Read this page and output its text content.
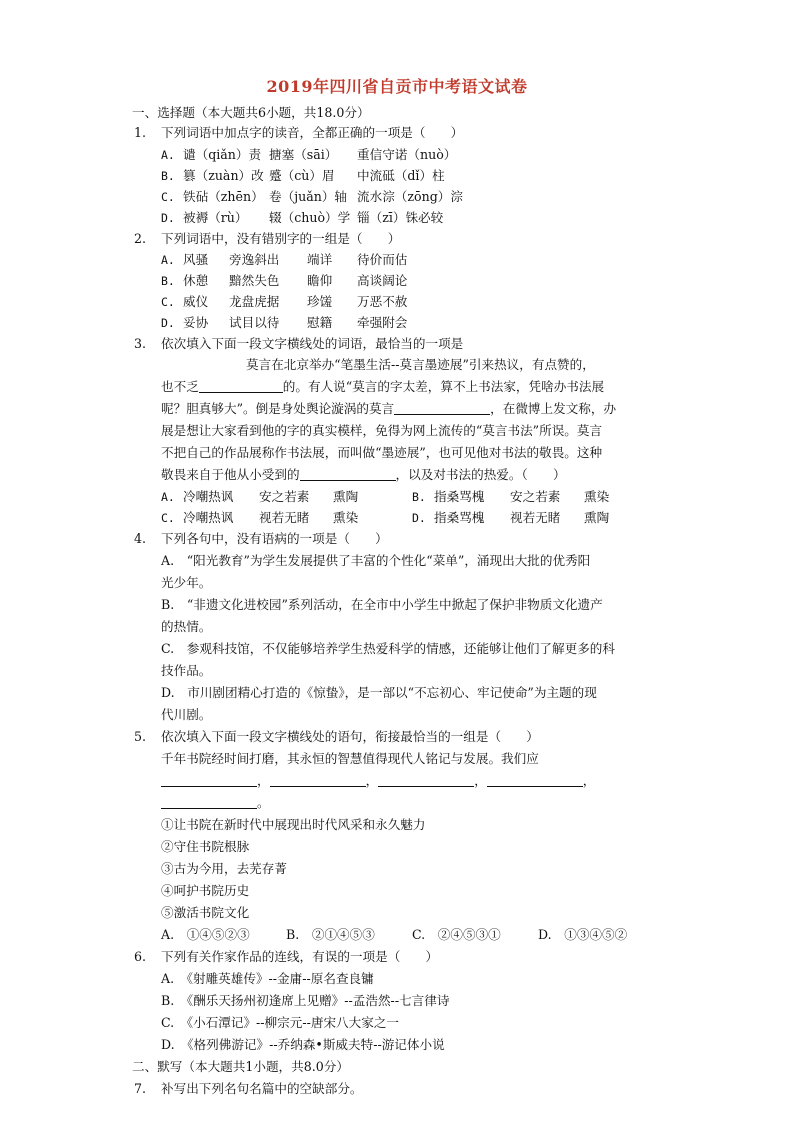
2019年四川省自贡市中考语文试卷
一、选择题（本大题共6小题，共18.0分）
1. 下列词语中加点字的读音，全都正确的一项是（　　）
A. 谴（qiǎn）责 搪塞（sāi） 重信守诺（nuò）
B. 篡（zuàn）改 蹙（cù）眉 中流砥（dǐ）柱
C. 铁砧（zhēn） 卷（juǎn）轴 流水淙（zōng）淙
D. 被褥（rù） 辍（chuò）学 锱（zī）铢必较
2. 下列词语中，没有错别字的一组是（　　）
A. 风骚 旁逸斜出 端详 待价而估
B. 休憩 黯然失色 瞻仰 高谈阔论
C. 威仪 龙盘虎据 珍馐 万恶不赦
D. 妥协 试目以待 慰籍 牵强附会
3. 依次填入下面一段文字横线处的词语，最恰当的一项是
莫言在北京举办“笔墨生活--莫言墨迹展”引来热议，有点赞的，
也不乏	的。有人说“莫言的字太差，算不上书法家，凭啥办书法展
呢？胆真够大”。倒是身处舆论漩涡的莫言	，在微博上发文称，办
展是想让大家看到他的字的真实模样，免得为网上流传的“莫言书法”所误。莫言
不把自己的作品展称作书法展，而叫做“墨迹展”，也可见他对书法的敬畏。这种
敬畏来自于他从小受到的	，以及对书法的热爱。（　　）
A. 冷嘲热讽 安之若素 熏陶	B. 指桑骂槐 安之若素 熏染
C. 冷嘲热讽 视若无睹 熏染	D. 指桑骂槐 视若无睹 熏陶
4. 下列各句中，没有语病的一项是（　　）
A.　“阳光教育”为学生发展提供了丰富的个性化“菜单”，涌现出大批的优秀阳
光少年。
B.　“非遗文化进校园”系列活动，在全市中小学生中掀起了保护非物质文化遗产
的热情。
C.　参观科技馆，不仅能够培养学生热爱科学的情感，还能够让他们了解更多的科
技作品。
D.　市川剧团精心打造的《惊蛰》，是一部以“不忘初心、牢记使命”为主题的现
代川剧。
5. 依次填入下面一段文字横线处的语句，衔接最恰当的一组是（　　）
千年书院经时间打磨，其永恒的智慧值得现代人铭记与发展。我们应
，	，	，	，
。
①让书院在新时代中展现出时代风采和永久魅力
②守住书院根脉
③古为今用，去芜存菁
④呵护书院历史
⑤激活书院文化
A.　①④⑤②③	B.　②①④⑤③	C.　②④⑤③①	D.　①③④⑤②
6. 下列有关作家作品的连线，有误的一项是（　　）
A.　《射雕英雄传》--金庸--原名查良镛
B.　《酬乐天扬州初逢席上见赠》--孟浩然--七言律诗
C.　《小石潭记》--柳宗元--唐宋八大家之一
D.　《格列佛游记》--乔纳森•斯威夫特--游记体小说
二、默写（本大题共1小题，共8.0分）
7. 补写出下列名句名篇中的空缺部分。
